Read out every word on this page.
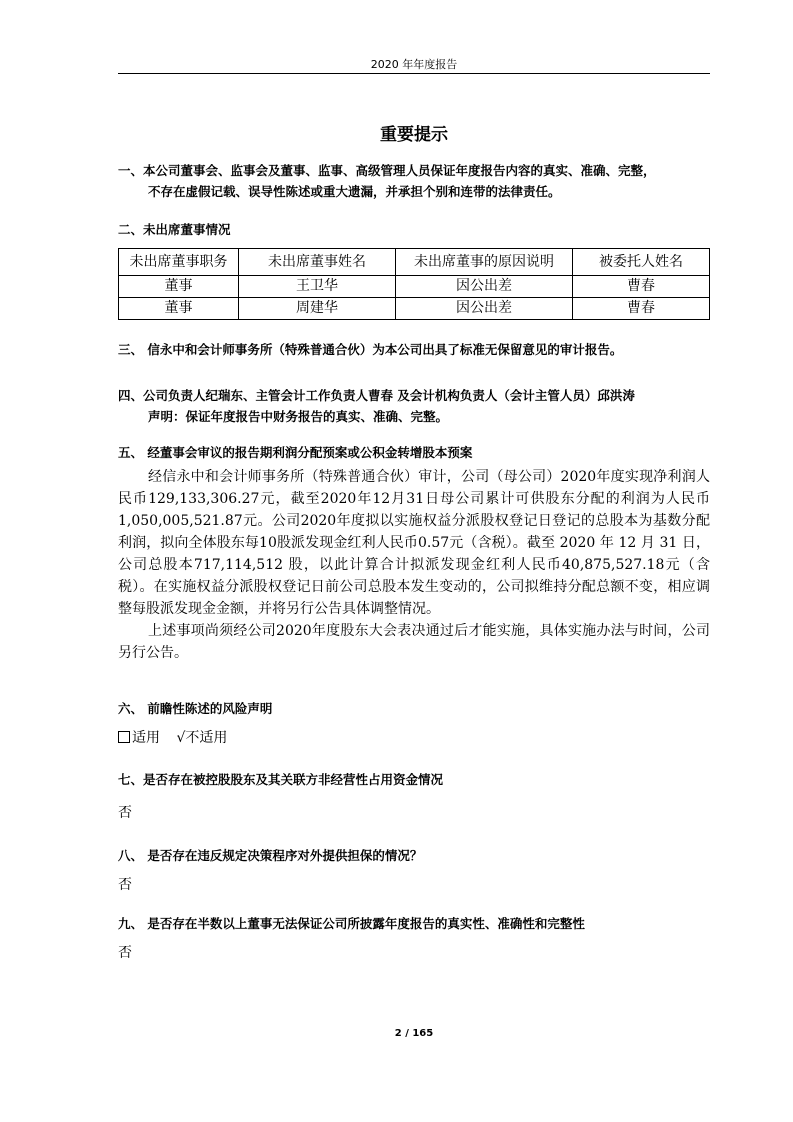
2020 年年度报告
重要提示
一、本公司董事会、监事会及董事、监事、高级管理人员保证年度报告内容的真实、准确、完整，
不存在虚假记载、误导性陈述或重大遗漏，并承担个别和连带的法律责任。
二、未出席董事情况
未出席董事职务	未出席董事姓名	未出席董事的原因说明	被委托人姓名
董事	王卫华	因公出差	曹春
董事	周建华	因公出差	曹春
三、 信永中和会计师事务所（特殊普通合伙）为本公司出具了标准无保留意见的审计报告。
四、公司负责人纪瑞东、主管会计工作负责人曹春 及会计机构负责人（会计主管人员）邱洪涛
声明：保证年度报告中财务报告的真实、准确、完整。
五、 经董事会审议的报告期利润分配预案或公积金转增股本预案

经信永中和会计师事务所（特殊普通合伙）审计，公司（母公司）2020年度实现净利润人民币129,133,306.27元，截至2020年12月31日母公司累计可供股东分配的利润为人民币1,050,005,521.87元。公司2020年度拟以实施权益分派股权登记日登记的总股本为基数分配利润，拟向全体股东每10股派发现金红利人民币0.57元（含税）。截至 2020 年 12 月 31 日，公司总股本717,114,512 股，以此计算合计拟派发现金红利人民币40,875,527.18元（含税）。在实施权益分派股权登记日前公司总股本发生变动的，公司拟维持分配总额不变，相应调整每股派发现金金额，并将另行公告具体调整情况。

上述事项尚须经公司2020年度股东大会表决通过后才能实施，具体实施办法与时间，公司另行公告。

六、 前瞻性陈述的风险声明
适用 √不适用
七、是否存在被控股股东及其关联方非经营性占用资金情况
否
八、 是否存在违反规定决策程序对外提供担保的情况？
否
九、 是否存在半数以上董事无法保证公司所披露年度报告的真实性、准确性和完整性
否
2 / 165
